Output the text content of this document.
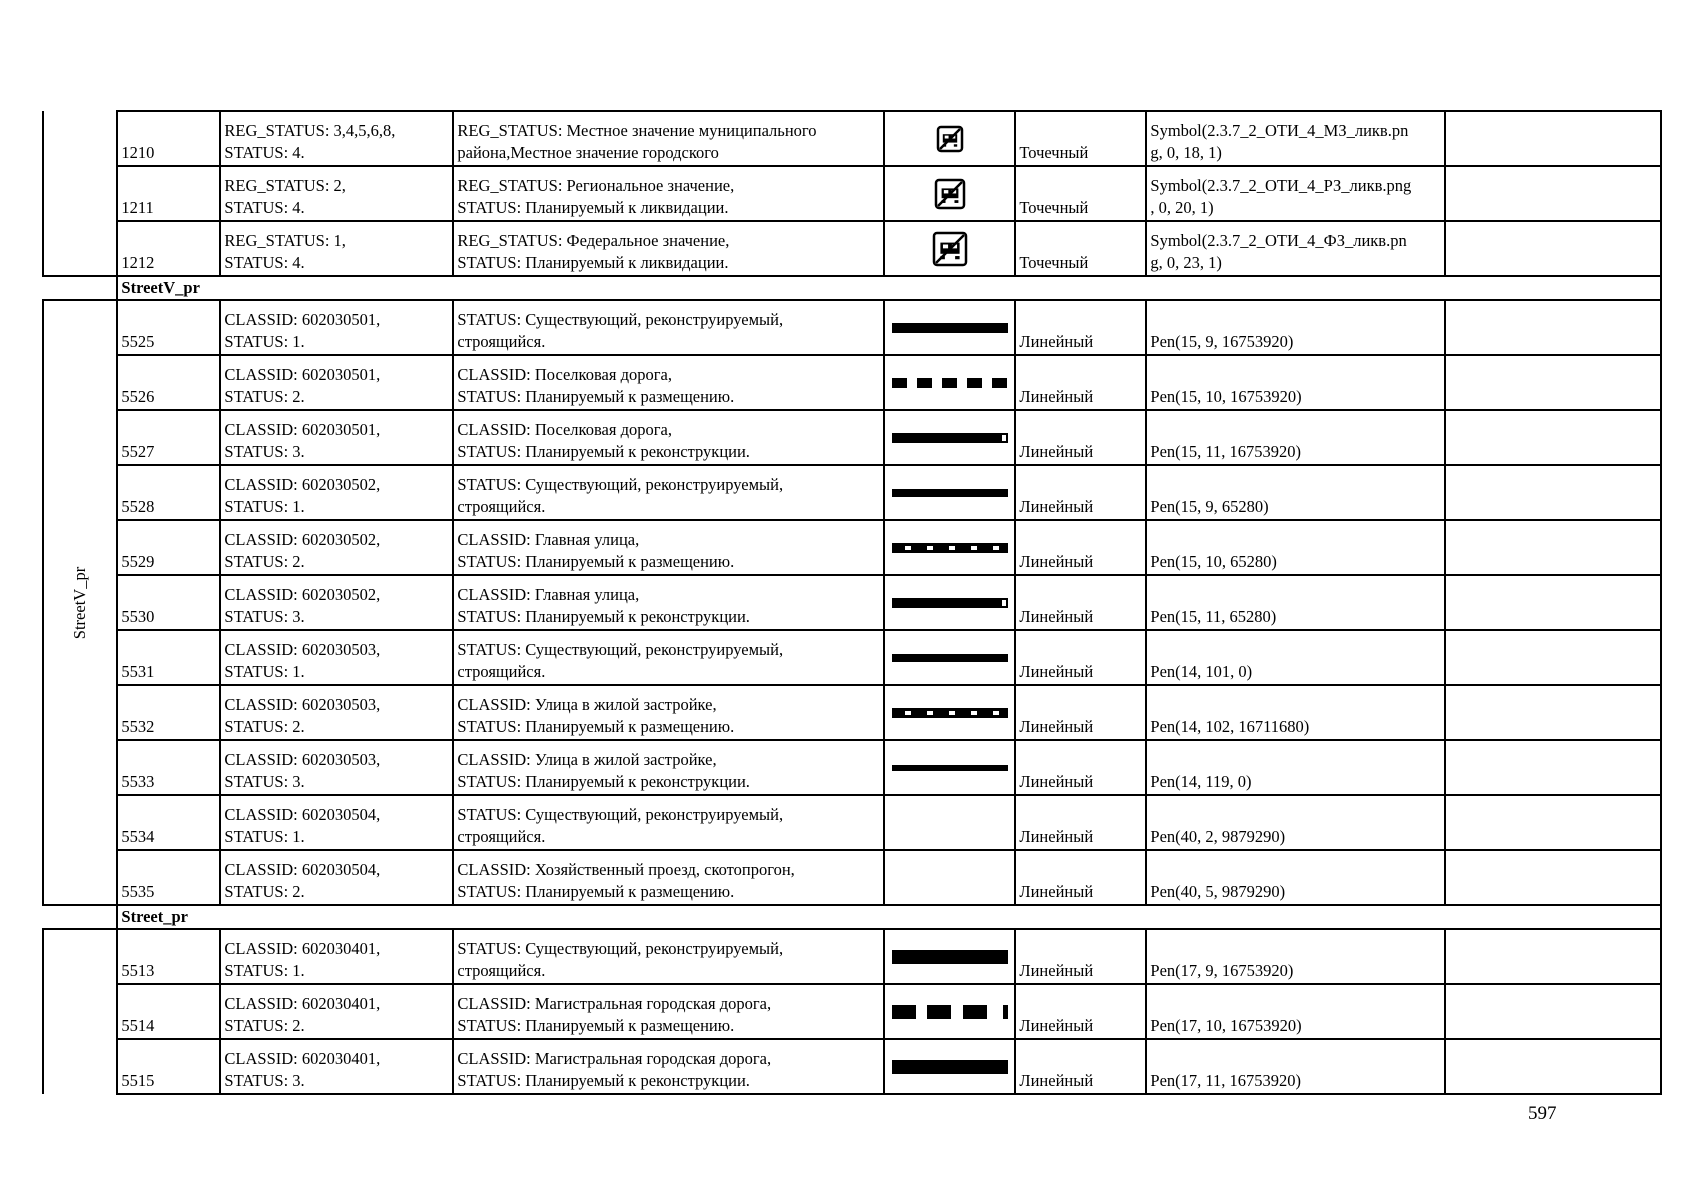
	1210	REG_STATUS: 3,4,5,6,8,
STATUS: 4.	REG_STATUS: Местное значение муниципального
района,Местное значение городского		Точечный	Symbol(2.3.7_2_ОТИ_4_МЗ_ликв.pn
g, 0, 18, 1)	

	1211	REG_STATUS: 2,
STATUS: 4.	REG_STATUS: Региональное значение,
STATUS: Планируемый к ликвидации.		Точечный	Symbol(2.3.7_2_ОТИ_4_РЗ_ликв.png
, 0, 20, 1)	

	1212	REG_STATUS: 1,
STATUS: 4.	REG_STATUS: Федеральное значение,
STATUS: Планируемый к ликвидации.		Точечный	Symbol(2.3.7_2_ОТИ_4_ФЗ_ликв.pn
g, 0, 23, 1)	

	StreetV_pr						

StreetV_pr	5525	CLASSID: 602030501,
STATUS: 1.	STATUS: Существующий, реконструируемый,
строящийся.		Линейный	Pen(15, 9, 16753920)	

	5526	CLASSID: 602030501,
STATUS: 2.	CLASSID: Поселковая дорога,
STATUS: Планируемый к размещению.		Линейный	Pen(15, 10, 16753920)	

	5527	CLASSID: 602030501,
STATUS: 3.	CLASSID: Поселковая дорога,
STATUS: Планируемый к реконструкции.		Линейный	Pen(15, 11, 16753920)	

	5528	CLASSID: 602030502,
STATUS: 1.	STATUS: Существующий, реконструируемый,
строящийся.		Линейный	Pen(15, 9, 65280)	

	5529	CLASSID: 602030502,
STATUS: 2.	CLASSID: Главная улица,
STATUS: Планируемый к размещению.		Линейный	Pen(15, 10, 65280)	

	5530	CLASSID: 602030502,
STATUS: 3.	CLASSID: Главная улица,
STATUS: Планируемый к реконструкции.		Линейный	Pen(15, 11, 65280)	

	5531	CLASSID: 602030503,
STATUS: 1.	STATUS: Существующий, реконструируемый,
строящийся.		Линейный	Pen(14, 101, 0)	

	5532	CLASSID: 602030503,
STATUS: 2.	CLASSID: Улица в жилой застройке,
STATUS: Планируемый к размещению.		Линейный	Pen(14, 102, 16711680)	

	5533	CLASSID: 602030503,
STATUS: 3.	CLASSID: Улица в жилой застройке,
STATUS: Планируемый к реконструкции.		Линейный	Pen(14, 119, 0)	

	5534	CLASSID: 602030504,
STATUS: 1.	STATUS: Существующий, реконструируемый,
строящийся.		Линейный	Pen(40, 2, 9879290)	

	5535	CLASSID: 602030504,
STATUS: 2.	CLASSID: Хозяйственный проезд, скотопрогон,
STATUS: Планируемый к размещению.		Линейный	Pen(40, 5, 9879290)	

	Street_pr						
	5513	CLASSID: 602030401,
STATUS: 1.	STATUS: Существующий, реконструируемый,
строящийся.		Линейный	Pen(17, 9, 16753920)	

	5514	CLASSID: 602030401,
STATUS: 2.	CLASSID: Магистральная городская дорога,
STATUS: Планируемый к размещению.		Линейный	Pen(17, 10, 16753920)	

	5515	CLASSID: 602030401,
STATUS: 3.	CLASSID: Магистральная городская дорога,
STATUS: Планируемый к реконструкции.		Линейный	Pen(17, 11, 16753920)	

597
